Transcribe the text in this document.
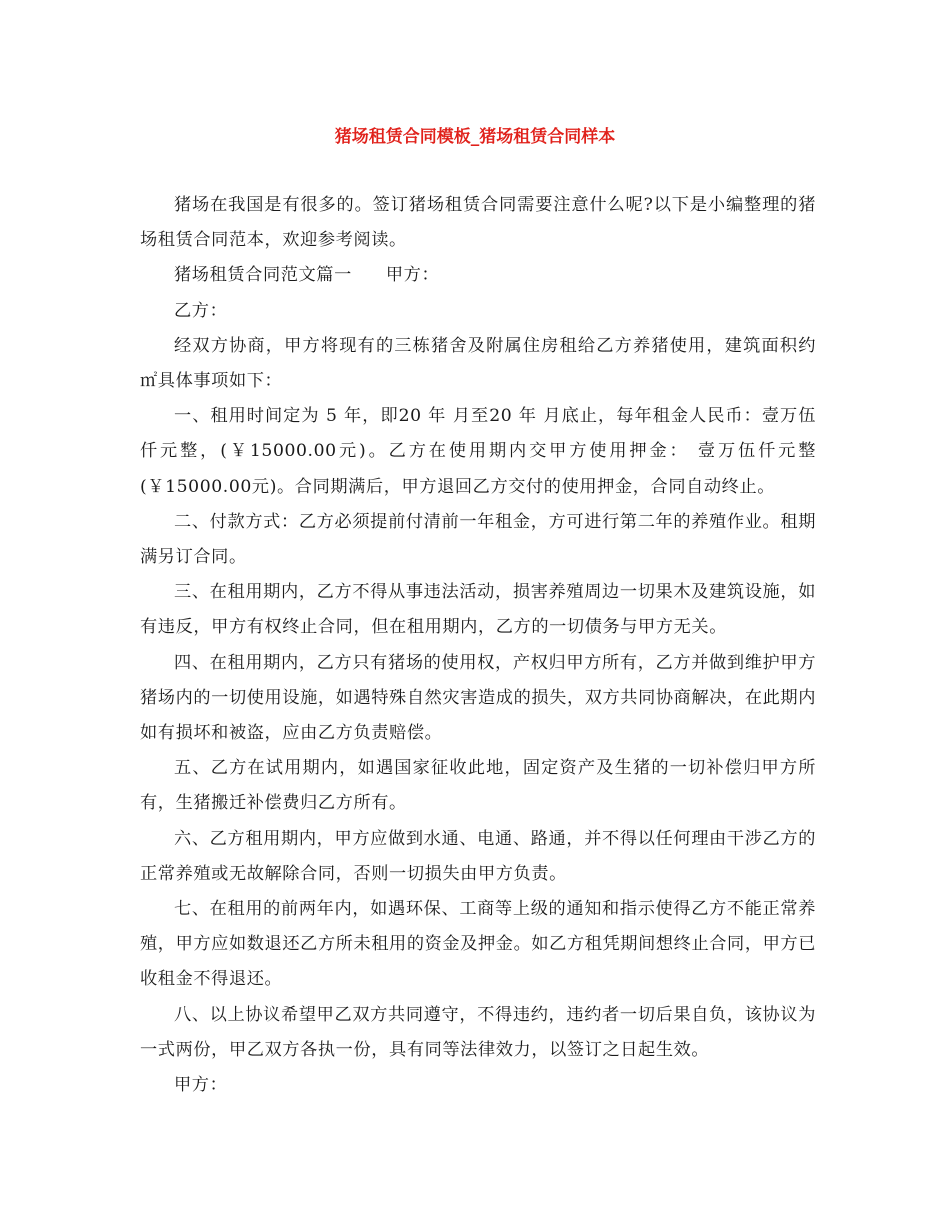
猪场租赁合同模板_猪场租赁合同样本

猪场在我国是有很多的。签订猪场租赁合同需要注意什么呢?以下是小编整理的猪场租赁合同范本，欢迎参考阅读。

猪场租赁合同范文篇一 甲方：

乙方：

经双方协商，甲方将现有的三栋猪舍及附属住房租给乙方养猪使用，建筑面积约 ㎡具体事项如下：

一、租用时间定为 5 年，即20 年 月至20 年 月底止，每年租金人民币：壹万伍仟元整，(￥15000.00元)。乙方在使用期内交甲方使用押金： 壹万伍仟元整(￥15000.00元)。合同期满后，甲方退回乙方交付的使用押金，合同自动终止。

二、付款方式：乙方必须提前付清前一年租金，方可进行第二年的养殖作业。租期满另订合同。

三、在租用期内，乙方不得从事违法活动，损害养殖周边一切果木及建筑设施，如有违反，甲方有权终止合同，但在租用期内，乙方的一切债务与甲方无关。

四、在租用期内，乙方只有猪场的使用权，产权归甲方所有，乙方并做到维护甲方猪场内的一切使用设施，如遇特殊自然灾害造成的损失，双方共同协商解决，在此期内如有损坏和被盗，应由乙方负责赔偿。

五、乙方在试用期内，如遇国家征收此地，固定资产及生猪的一切补偿归甲方所有，生猪搬迁补偿费归乙方所有。

六、乙方租用期内，甲方应做到水通、电通、路通，并不得以任何理由干涉乙方的正常养殖或无故解除合同，否则一切损失由甲方负责。

七、在租用的前两年内，如遇环保、工商等上级的通知和指示使得乙方不能正常养殖，甲方应如数退还乙方所未租用的资金及押金。如乙方租凭期间想终止合同，甲方已收租金不得退还。

八、以上协议希望甲乙双方共同遵守，不得违约，违约者一切后果自负，该协议为一式两份，甲乙双方各执一份，具有同等法律效力，以签订之日起生效。

甲方：
